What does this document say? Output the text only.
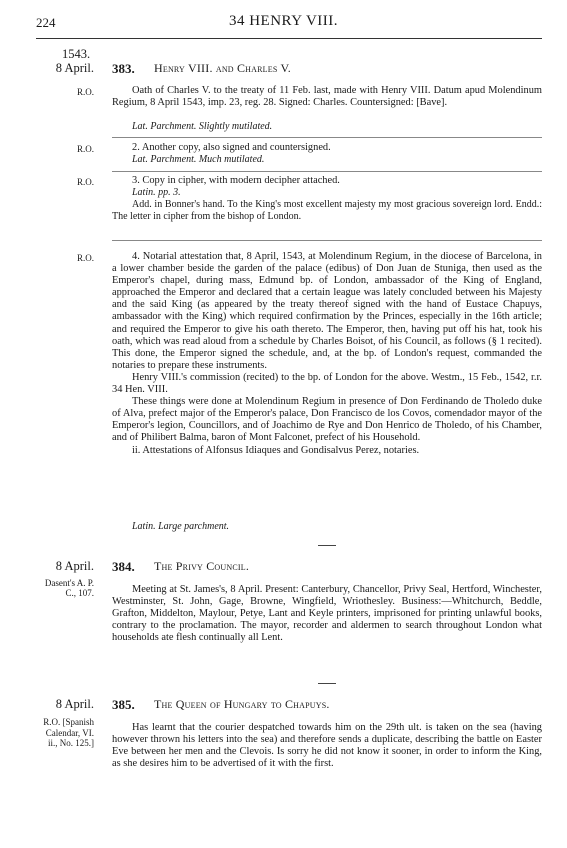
224	34 HENRY VIII.
1543.
8 April. 383. Henry VIII. and Charles V.
R.O.	Oath of Charles V. to the treaty of 11 Feb. last, made with Henry VIII. Datum apud Molendinum Regium, 8 April 1543, imp. 23, reg. 28. Signed: Charles. Countersigned: [Bave].

Lat. Parchment. Slightly mutilated.
R.O.	2. Another copy, also signed and countersigned.

Lat. Parchment. Much mutilated.
R.O.	3. Copy in cipher, with modern decipher attached.

Latin. pp. 3.

Add. in Bonner's hand. To the King's most excellent majesty my most gracious sovereign lord. Endd.: The letter in cipher from the bishop of London.

R.O.	4. Notarial attestation that, 8 April, 1543, at Molendinum Regium, in the diocese of Barcelona, in a lower chamber beside the garden of the palace (edibus) of Don Juan de Stuniga, then used as the Emperor's chapel, during mass, Edmund bp. of London, ambassador of the King of England, approached the Emperor and declared that a certain league was lately concluded between his Majesty and the said King (as appeared by the treaty thereof signed with the hand of Eustace Chapuys, ambassador with the King) which required confirmation by the Princes, especially in the 16th article; and required the Emperor to give his oath thereto. The Emperor, then, having put off his hat, took his oath, which was read aloud from a schedule by Charles Boisot, of his Council, as follows (§ 1 recited). This done, the Emperor signed the schedule, and, at the bp. of London's request, commanded the notaries to prepare these instruments.

Henry VIII.'s commission (recited) to the bp. of London for the above. Westm., 15 Feb., 1542, r.r. 34 Hen. VIII.

These things were done at Molendinum Regium in presence of Don Ferdinando de Tholedo duke of Alva, prefect major of the Emperor's palace, Don Francisco de los Covos, comendador mayor of the Emperor's legion, Councillors, and of Joachimo de Rye and Don Henrico de Tholedo, of his Chamber, and of Philibert Balma, baron of Mont Falconet, prefect of his Household.

ii. Attestations of Alfonsus Idiaques and Gondisalvus Perez, notaries.

Latin. Large parchment.
8 April. 384. The Privy Council.
Dasent's A. P. C., 107.	Meeting at St. James's, 8 April. Present: Canterbury, Chancellor, Privy Seal, Hertford, Winchester, Westminster, St. John, Gage, Browne, Wingfield, Wriothesley. Business:—Whitchurch, Beddle, Grafton, Middelton, Maylour, Petye, Lant and Keyle printers, imprisoned for printing unlawful books, contrary to the proclamation. The mayor, recorder and aldermen to search throughout London what households ate flesh continually all Lent.

8 April. 385. The Queen of Hungary to Chapuys.
R.O. [Spanish Calendar, VI. ii., No. 125.]

Has learnt that the courier despatched towards him on the 29th ult. is taken on the sea (having however thrown his letters into the sea) and therefore sends a duplicate, describing the battle on Easter Eve between her men and the Clevois. Is sorry he did not know it sooner, in order to inform the King, as she desires him to be advertised of it with the first.
